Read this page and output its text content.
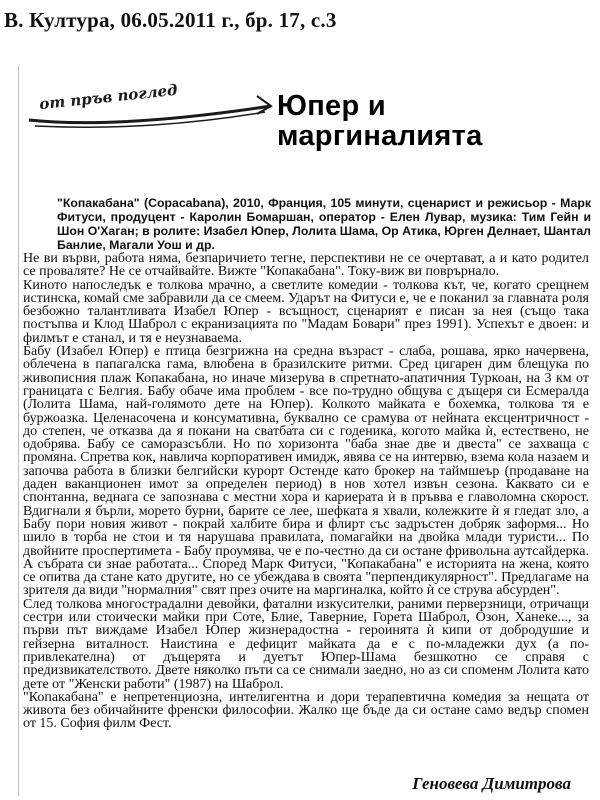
В. Култура, 06.05.2011 г., бр. 17, с.3
от пръв поглед	Юпер и маргиналията
"Копакабана" (Copacabana), 2010, Франция, 105 минути, сценарист и режисьор - Марк Фитуси, продуцент - Каролин Бомаршан, оператор - Елен Лувар, музика: Тим Гейн и Шон О'Хаган; в ролите: Изабел Юпер, Лолита Шама, Ор Атика, Юрген Делнает, Шантал Банлие, Магали Уош и др.

Не ви върви, работа няма, безпаричието тегне, перспективи не се очертават, а и като родител се проваляте? Не се отчайвайте. Вижте "Копакабана". Току-виж ви поврърнало.

Киното напоследък е толкова мрачно, а светлите комедии - толкова кът, че, когато срещнем истинска, комай сме забравили да се смеем. Ударът на Фитуси е, че е поканил за главната роля безбожно талантливата Изабел Юпер - всъщност, сценарият е писан за нея (също така постъпва и Клод Шаброл с екранизацията по "Мадам Бовари" през 1991). Успехът е двоен: и филмът е станал, и тя е неузнаваема.

Бабу (Изабел Юпер) е птица безгрижна на средна възраст - слаба, рошава, ярко начервена, облечена в папагалска гама, влюбена в бразилските ритми. Сред цигарен дим блещука по живописния плаж Копакабана, но иначе мизерува в спретнато-апатичния Туркоан, на 3 км от границата с Белгия. Бабу обаче има проблем - все по-трудно общува с дъщеря си Есмералда (Лолита Шама, най-голямото дете на Юпер). Колкото майката е бохемка, толкова тя е буржоазка. Целенасочена и консумативна, буквално се срамува от нейната ексцентричност - до степен, че отказва да я покани на сватбата си с годеника, когото майка ѝ, естествено, не одобрява. Бабу се саморазсъбли. Но по хоризонта "баба знае две и двеста" се захваща с промяна. Спретва кок, навлича корпоративен имидж, явява се на интервю, взема кола назаем и започва работа в близки белгийски курорт Остенде като брокер на таймшеър (продаване на даден ваканционен имот за определен период) в нов хотел извън сезона. Каквато си е спонтанна, веднага се запознава с местни хора и кариерата ѝ в пръвва е главоломна скорост. Вдигнали я бърли, морето бурни, барите се лее, шефката я хвали, колежките ѝ я гледат зло, а Бабу пори новия живот - покрай халбите бира и флирт със задръстен добряк заформя... Но шило в торба не стои и тя нарушава правилата, помагайки на двойка млади туристи... По двойните проспертимета - Бабу проумява, че е по-честно да си остане фривольна аутсайдерка. А събрата си знае работата... Според Марк Фитуси, "Копакабана" е историята на жена, която се опитва да стане като другите, но се убеждава в своята "перпендикулярност". Предлагаме на зрителя да види "нормалния" свят през очите на маргиналка, който ѝ се струва абсурден".

След толкова многострадални девойки, фатални изкусителки, раними перверзници, отричащи сестри или стоически майки при Соте, Блие, Таверние, Горета Шаброл, Озон, Ханеке..., за първи път виждаме Изабел Юпер жизнерадостна - героинята ѝ кипи от добродушие и гейзерна виталност. Наистина е дефицит майката да е с по-младежки дух (а по-привлекателна) от дъщерята и дуетът Юпер-Шама безшкотно се справя с предизвикателството. Двете няколко пъти са се снимали заедно, но аз си споменм Лолита като дете от "Женски работи" (1987) на Шаброл.

"Копакабана" е непретенциозна, интелигентна и дори терапевтична комедия за нещата от живота без обичайните френски философии. Жалко ще бъде да си остане само ведър спомен от 15. София филм Фест.

Геновева Димитрова
